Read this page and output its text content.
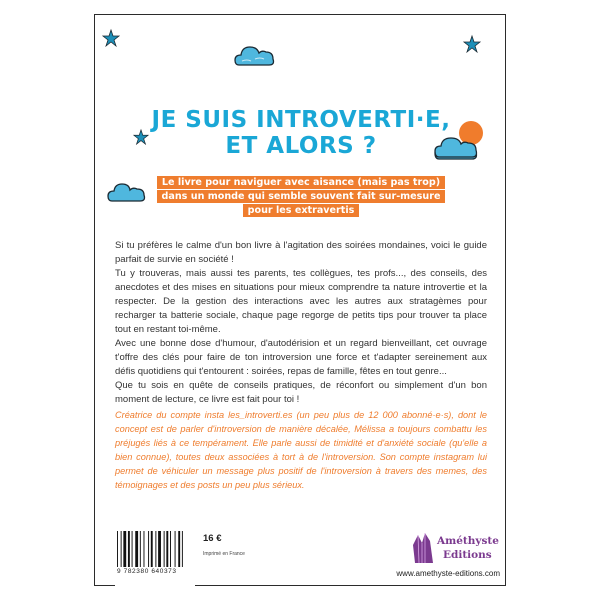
JE SUIS INTROVERTI·E,
ET ALORS ?
Le livre pour naviguer avec aisance (mais pas trop)
dans un monde qui semble souvent fait sur-mesure
pour les extravertis

Si tu préfères le calme d'un bon livre à l'agitation des soirées mondaines, voici le guide parfait de survie en société !

Tu y trouveras, mais aussi tes parents, tes collègues, tes profs..., des conseils, des anecdotes et des mises en situations pour mieux comprendre ta nature introvertie et la respecter. De la gestion des interactions avec les autres aux stratagèmes pour recharger ta batterie sociale, chaque page regorge de petits tips pour trouver ta place tout en restant toi-même.

Avec une bonne dose d'humour, d'autodérision et un regard bienveillant, cet ouvrage t'offre des clés pour faire de ton introversion une force et t'adapter sereinement aux défis quotidiens qui t'entourent : soirées, repas de famille, fêtes en tout genre...

Que tu sois en quête de conseils pratiques, de réconfort ou simplement d'un bon moment de lecture, ce livre est fait pour toi !

Créatrice du compte insta les_introverti.es (un peu plus de 12 000 abonné·e·s), dont le concept est de parler d'introversion de manière décalée, Mélissa a toujours combattu les préjugés liés à ce tempérament. Elle parle aussi de timidité et d'anxiété sociale (qu'elle a bien connue), toutes deux associées à tort à de l'introversion. Son compte instagram lui permet de véhiculer un message plus positif de l'introversion à travers des memes, des témoignages et des posts un peu plus sérieux.
9 782380 640373
16 €
Imprimé en France
Améthyste
Editions
www.amethyste-editions.com
